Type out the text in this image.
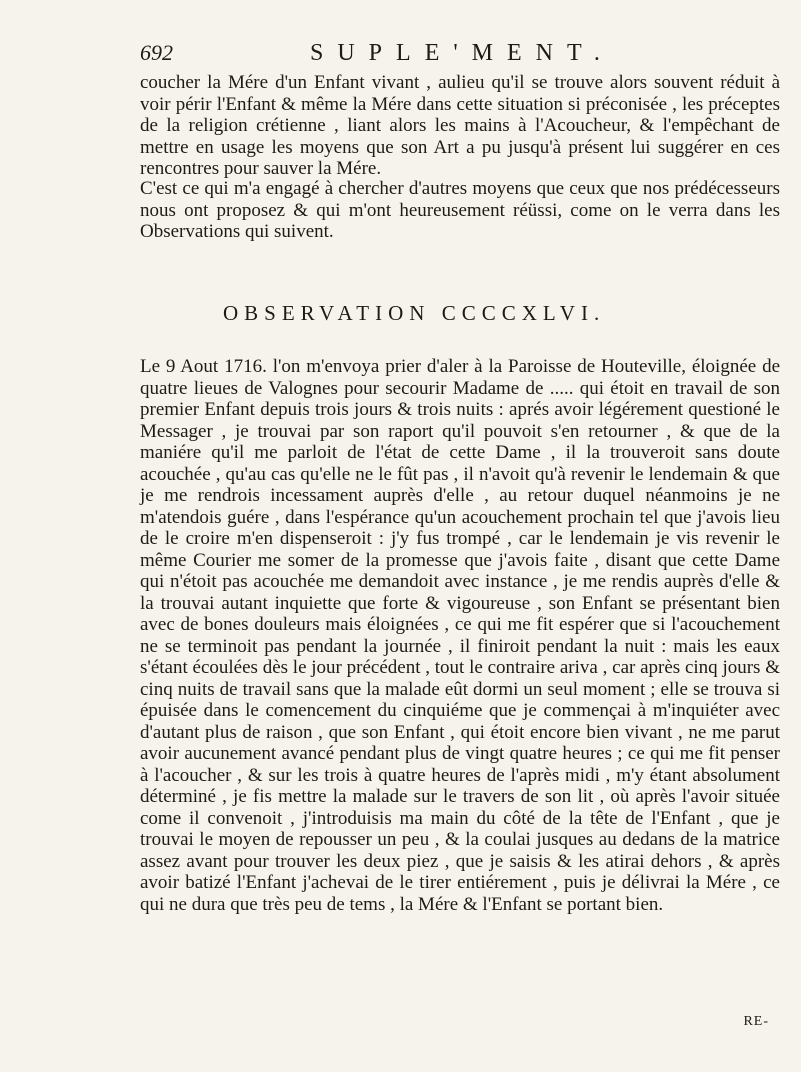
692	SUPLE'MENT.

coucher la Mére d'un Enfant vivant , aulieu qu'il se trouve alors souvent réduit à voir périr l'Enfant & même la Mére dans cette situation si préconisée , les préceptes de la religion crétienne , liant alors les mains à l'Acoucheur, & l'empêchant de mettre en usage les moyens que son Art a pu jusqu'à présent lui suggérer en ces rencontres pour sauver la Mére.

C'est ce qui m'a engagé à chercher d'autres moyens que ceux que nos prédécesseurs nous ont proposez & qui m'ont heureusement réüssi, come on le verra dans les Observations qui suivent.

OBSERVATION CCCCXLVI.

Le 9 Aout 1716. l'on m'envoya prier d'aler à la Paroisse de Houteville, éloignée de quatre lieues de Valognes pour secourir Madame de ..... qui étoit en travail de son premier Enfant depuis trois jours & trois nuits : aprés avoir légérement questioné le Messager , je trouvai par son raport qu'il pouvoit s'en retourner , & que de la maniére qu'il me parloit de l'état de cette Dame , il la trouveroit sans doute acouchée , qu'au cas qu'elle ne le fût pas , il n'avoit qu'à revenir le lendemain & que je me rendrois incessament auprès d'elle , au retour duquel néanmoins je ne m'atendois guére , dans l'espérance qu'un acouchement prochain tel que j'avois lieu de le croire m'en dispenseroit : j'y fus trompé , car le lendemain je vis revenir le même Courier me somer de la promesse que j'avois faite , disant que cette Dame qui n'étoit pas acouchée me demandoit avec instance , je me rendis auprès d'elle & la trouvai autant inquiette que forte & vigoureuse , son Enfant se présentant bien avec de bones douleurs mais éloignées , ce qui me fit espérer que si l'acouchement ne se terminoit pas pendant la journée , il finiroit pendant la nuit : mais les eaux s'étant écoulées dès le jour précédent , tout le contraire ariva , car après cinq jours & cinq nuits de travail sans que la malade eût dormi un seul moment ; elle se trouva si épuisée dans le comencement du cinquiéme que je commençai à m'inquiéter avec d'autant plus de raison , que son Enfant , qui étoit encore bien vivant , ne me parut avoir aucunement avancé pendant plus de vingt quatre heures ; ce qui me fit penser à l'acoucher , & sur les trois à quatre heures de l'après midi , m'y étant absolument déterminé , je fis mettre la malade sur le travers de son lit , où après l'avoir située come il convenoit , j'introduisis ma main du côté de la tête de l'Enfant , que je trouvai le moyen de repousser un peu , & la coulai jusques au dedans de la matrice assez avant pour trouver les deux piez , que je saisis & les atirai dehors , & après avoir batizé l'Enfant j'achevai de le tirer entiérement , puis je délivrai la Mére , ce qui ne dura que très peu de tems , la Mére & l'Enfant se portant bien.

RE-
